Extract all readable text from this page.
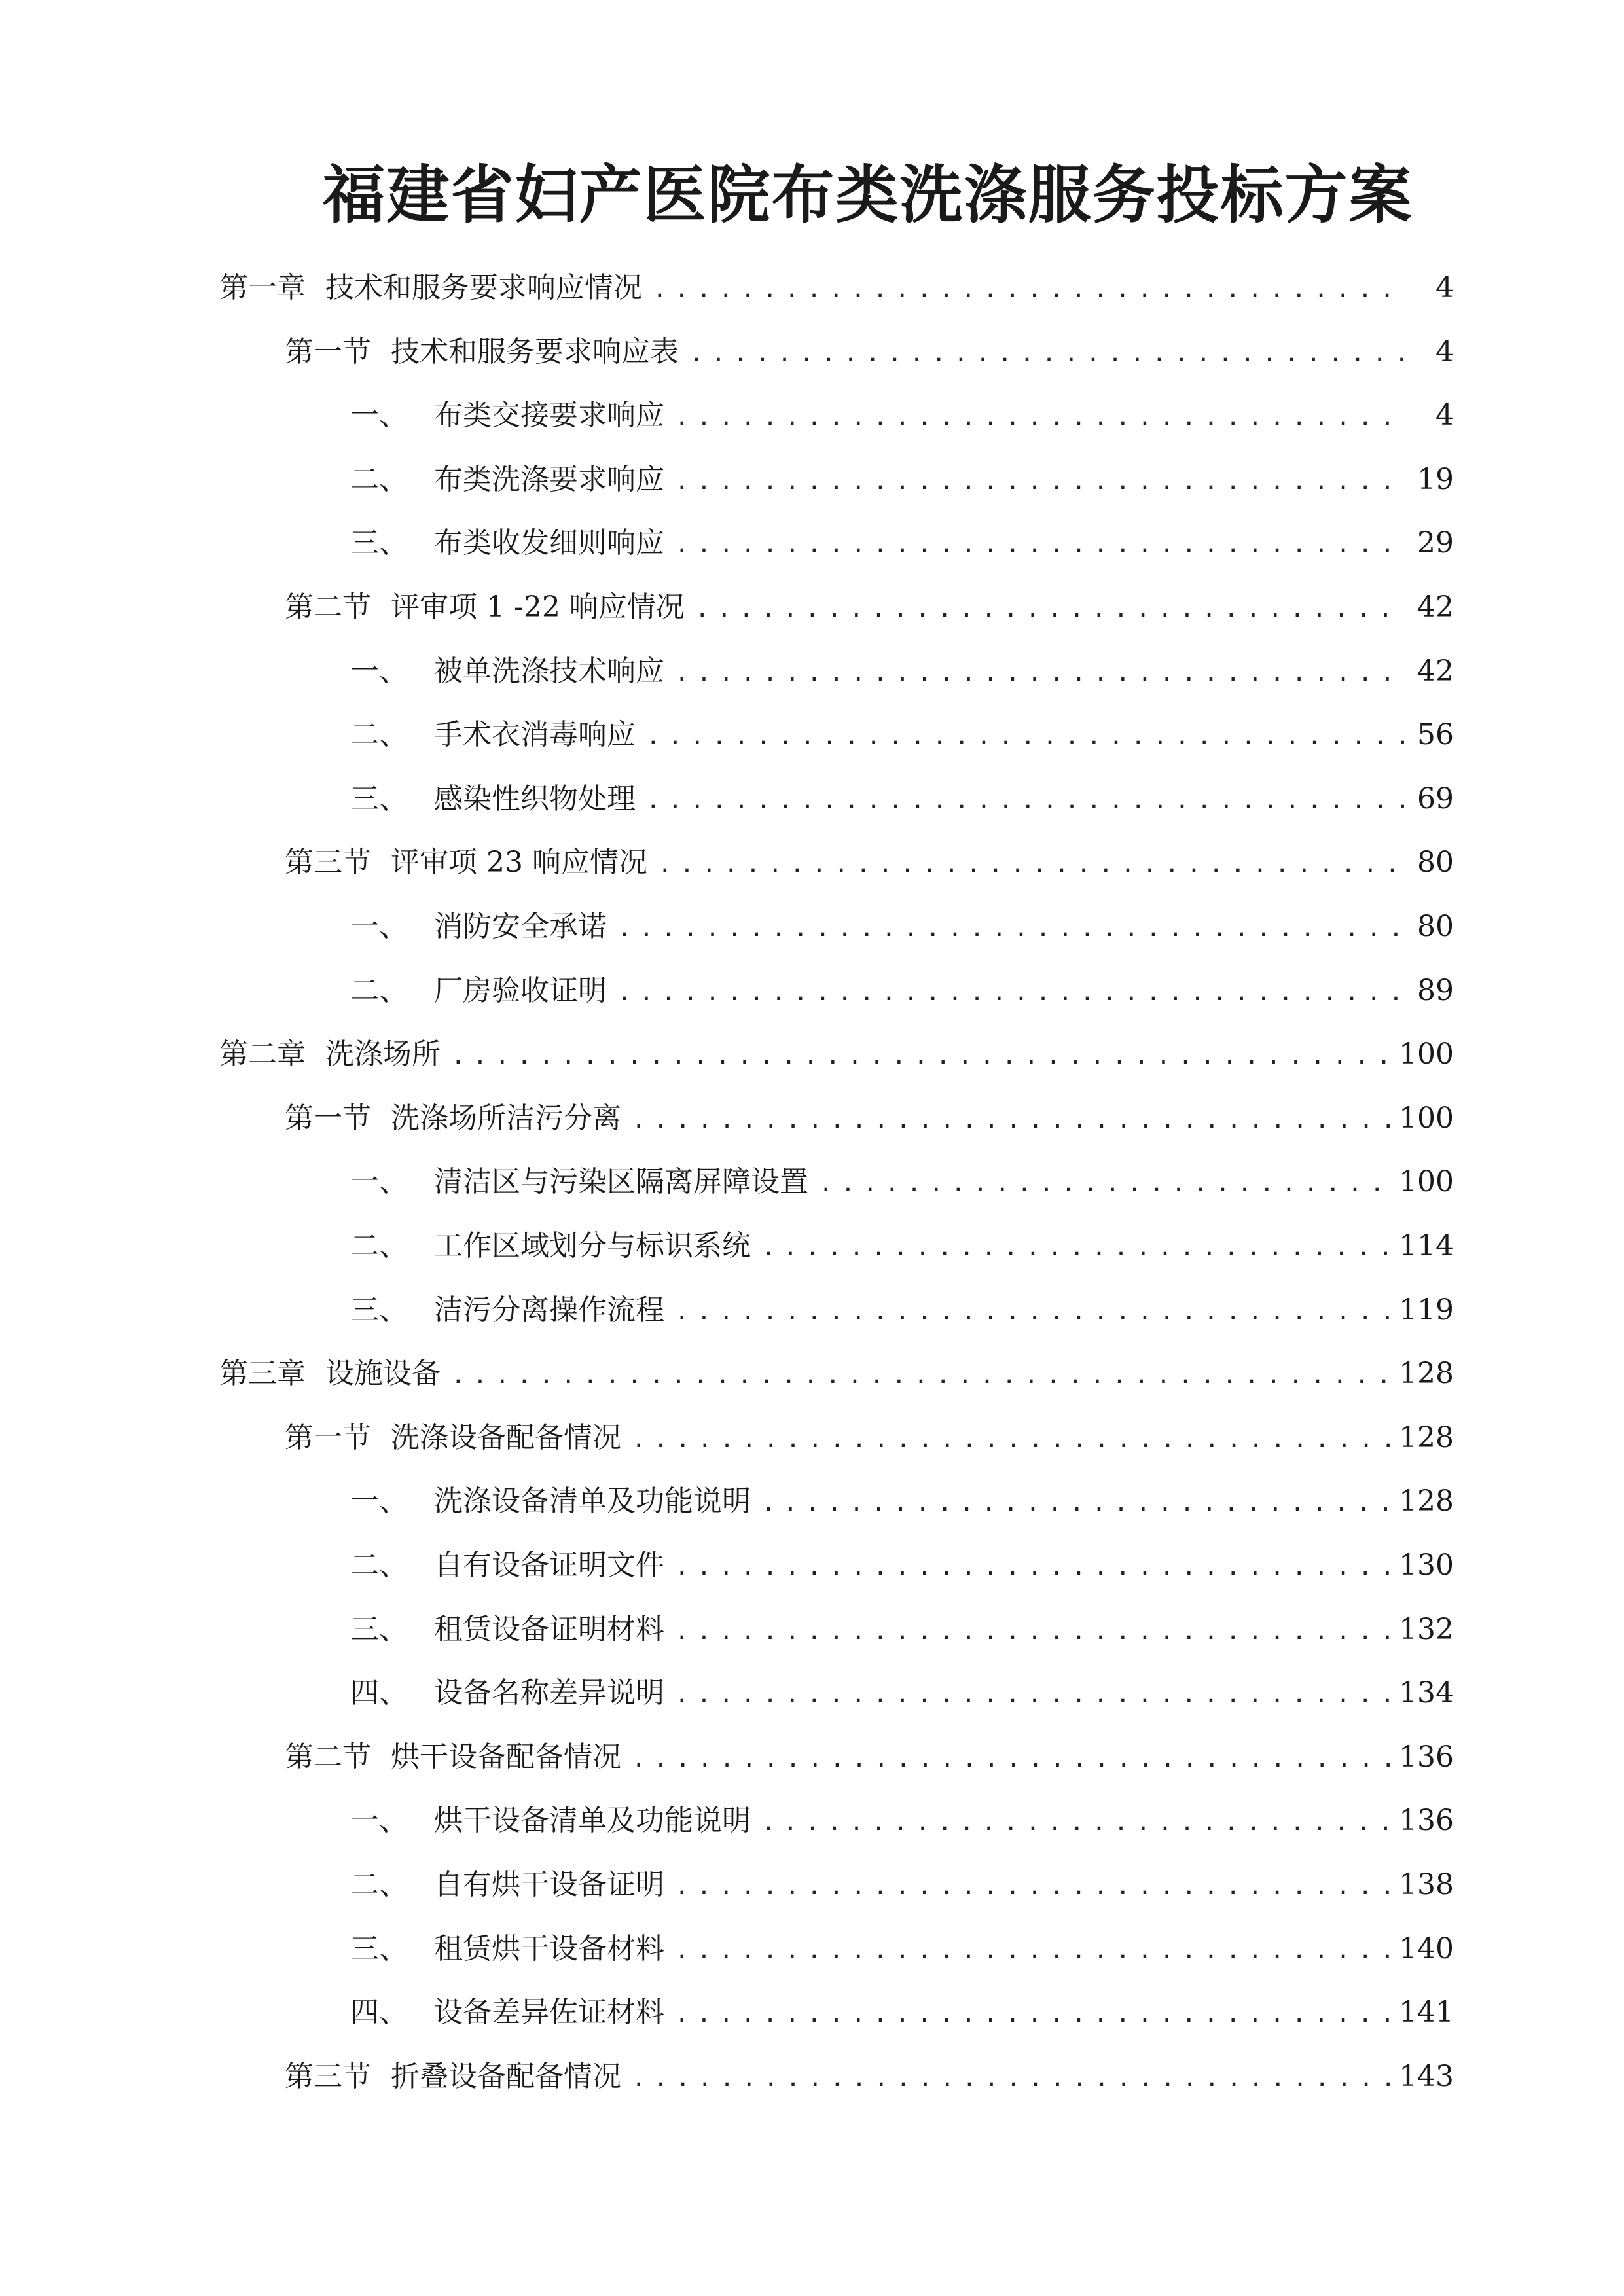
福建省妇产医院布类洗涤服务投标方案
第一章 技术和服务要求响应情况 .....	4
第一节 技术和服务要求响应表 .....	4
一、 布类交接要求响应 .....	4
二、 布类洗涤要求响应 .....	19
三、 布类收发细则响应 .....	29
第二节 评审项 1 -22 响应情况 .....	42
一、 被单洗涤技术响应 .....	42
二、 手术衣消毒响应 .....	56
三、 感染性织物处理 .....	69
第三节 评审项 23 响应情况 .....	80
一、 消防安全承诺 .....	80
二、 厂房验收证明 .....	89
第二章 洗涤场所 .....	100
第一节 洗涤场所洁污分离 .....	100
一、 清洁区与污染区隔离屏障设置 .....	100
二、 工作区域划分与标识系统 .....	114
三、 洁污分离操作流程 .....	119
第三章 设施设备 .....	128
第一节 洗涤设备配备情况 .....	128
一、 洗涤设备清单及功能说明 .....	128
二、 自有设备证明文件 .....	130
三、 租赁设备证明材料 .....	132
四、 设备名称差异说明 .....	134
第二节 烘干设备配备情况 .....	136
一、 烘干设备清单及功能说明 .....	136
二、 自有烘干设备证明 .....	138
三、 租赁烘干设备材料 .....	140
四、 设备差异佐证材料 .....	141
第三节 折叠设备配备情况 .....	143
